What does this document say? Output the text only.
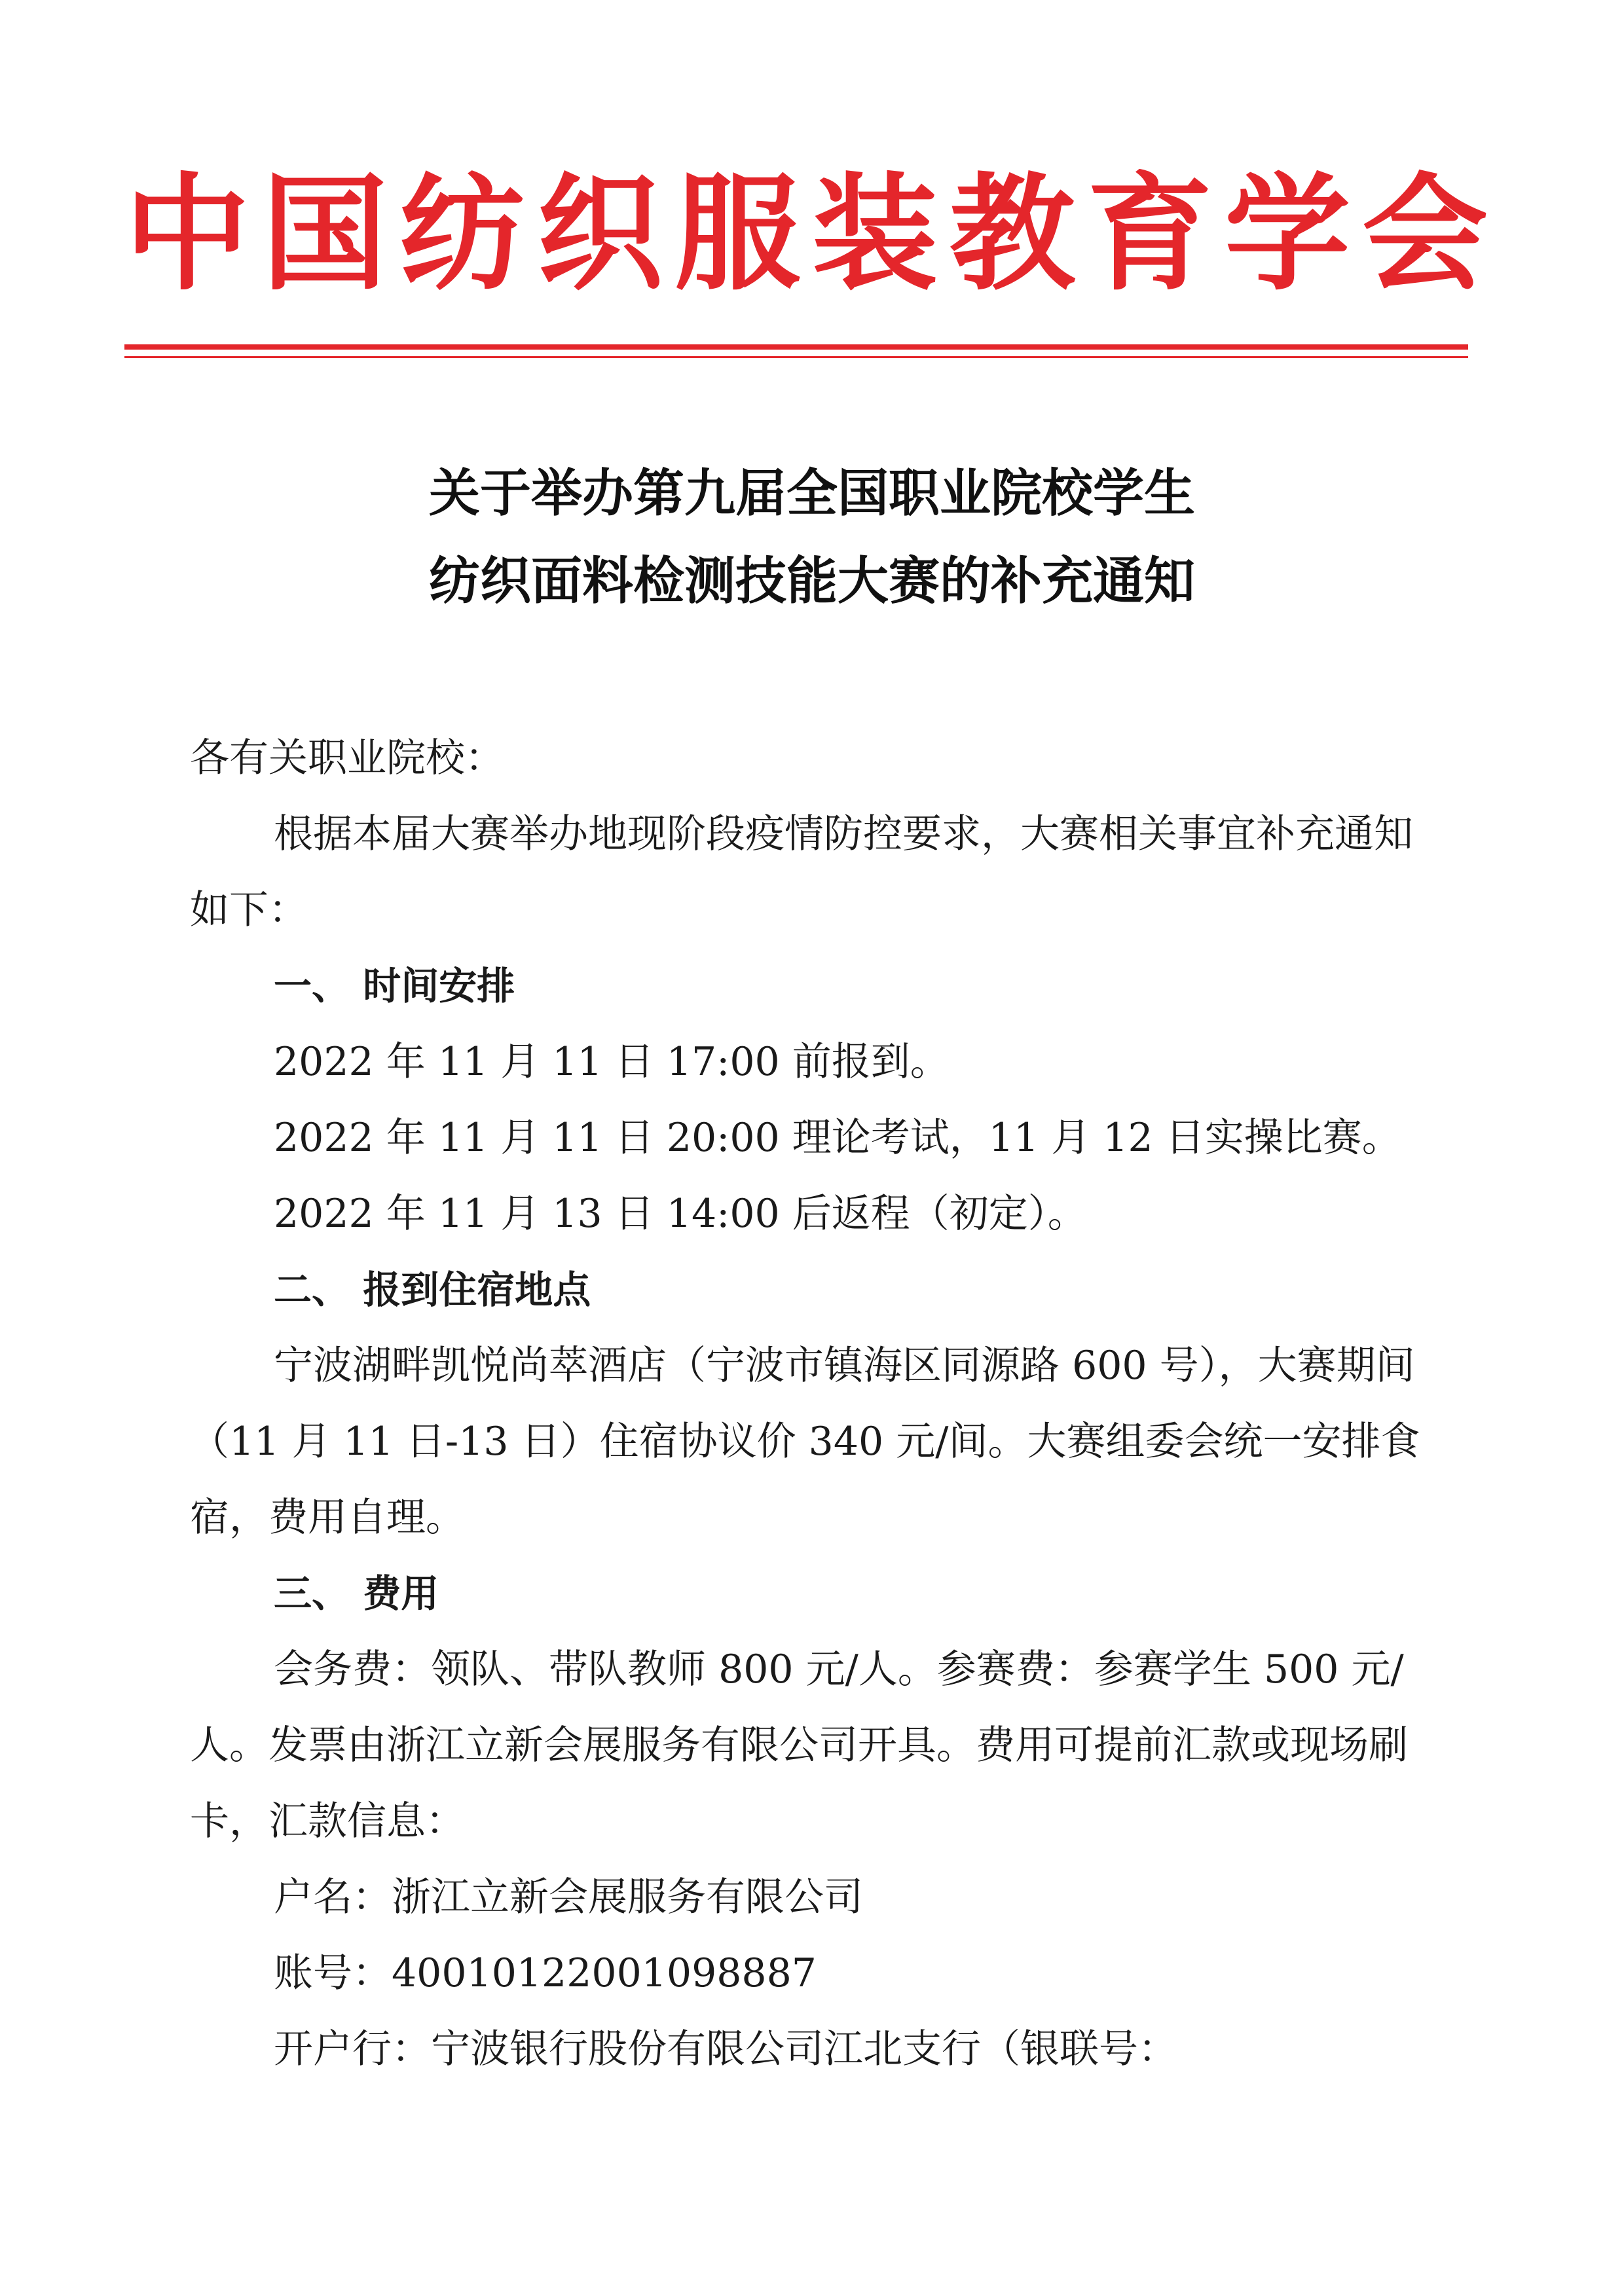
中国纺织服装教育学会
关于举办第九届全国职业院校学生
纺织面料检测技能大赛的补充通知

各有关职业院校：

根据本届大赛举办地现阶段疫情防控要求，大赛相关事宜补充通知如下：

一、 时间安排

2022 年 11 月 11 日 17:00 前报到。

2022 年 11 月 11 日 20:00 理论考试，11 月 12 日实操比赛。

2022 年 11 月 13 日 14:00 后返程（初定）。

二、 报到住宿地点

宁波湖畔凯悦尚萃酒店（宁波市镇海区同源路 600 号），大赛期间（11 月 11 日-13 日）住宿协议价 340 元/间。大赛组委会统一安排食宿，费用自理。

三、 费用

会务费：领队、带队教师 800 元/人。参赛费：参赛学生 500 元/人。发票由浙江立新会展服务有限公司开具。费用可提前汇款或现场刷卡，汇款信息：

户名：浙江立新会展服务有限公司

账号：40010122001098887

开户行：宁波银行股份有限公司江北支行（银联号：
